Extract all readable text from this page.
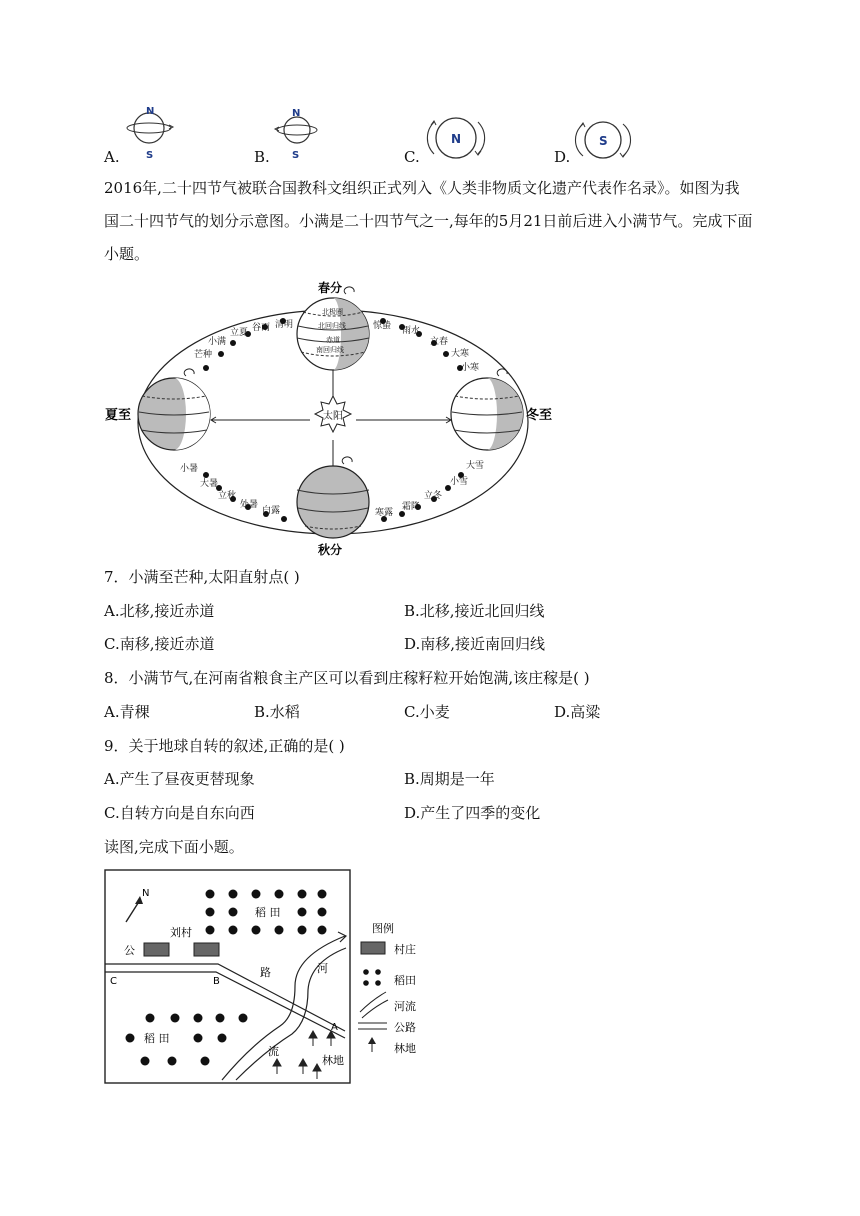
A.
N
S	B.
N
S	C.
N
D.
S

2016年,二十四节气被联合国教科文组织正式列入《人类非物质文化遗产代表作名录》。如图为我国二十四节气的划分示意图。小满是二十四节气之一,每年的5月21日前后进入小满节气。完成下面小题。

太阳
芒种
小满
立夏 谷雨 清明	惊蛰 雨水
立春
大寒
小寒
小暑
大暑
立秋
处暑
白露	寒露
霜降
立冬
小雪
大雪
北极圈
北回归线
赤道
南回归线
春分
夏至	冬至
秋分
7．小满至芒种,太阳直射点( )
A.北移,接近赤道	B.北移,接近北回归线
C.南移,接近赤道	D.南移,接近南回归线
8．小满节气,在河南省粮食主产区可以看到庄稼籽粒开始饱满,该庄稼是( )
A.青稞	B.水稻	C.小麦	D.高粱
9．关于地球自转的叙述,正确的是( )
A.产生了昼夜更替现象	B.周期是一年
C.自转方向是自东向西	D.产生了四季的变化
读图,完成下面小题。
N
稻 田
刘村
公
路
C	B
A
河
流
稻 田
林地
图例
村庄
稻田
河流
公路
林地
